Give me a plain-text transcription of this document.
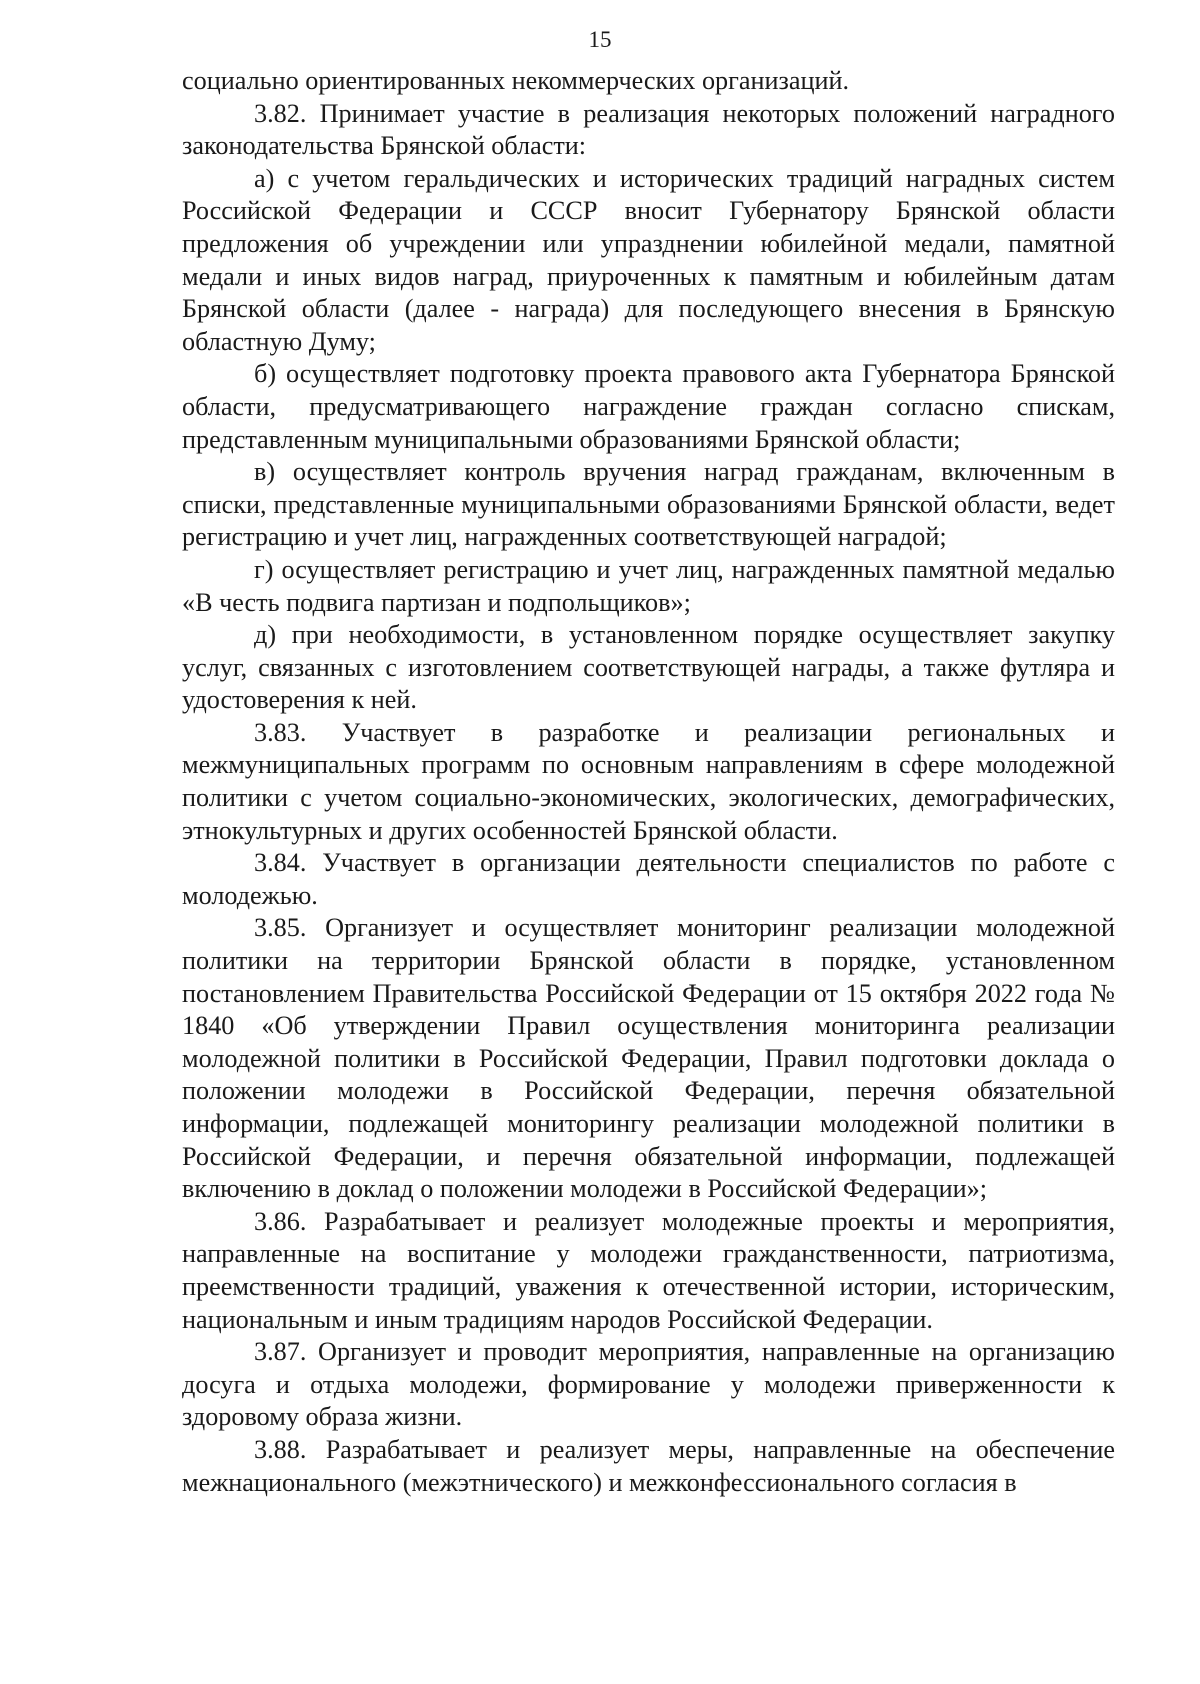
15

социально ориентированных некоммерческих организаций.

3.82. Принимает участие в реализация некоторых положений наградного законодательства Брянской области:

а) с учетом геральдических и исторических традиций наградных систем Российской Федерации и СССР вносит Губернатору Брянской области предложения об учреждении или упразднении юбилейной медали, памятной медали и иных видов наград, приуроченных к памятным и юбилейным датам Брянской области (далее - награда) для последующего внесения в Брянскую областную Думу;

б) осуществляет подготовку проекта правового акта Губернатора Брянской области, предусматривающего награждение граждан согласно спискам, представленным муниципальными образованиями Брянской области;

в) осуществляет контроль вручения наград гражданам, включенным в списки, представленные муниципальными образованиями Брянской области, ведет регистрацию и учет лиц, награжденных соответствующей наградой;

г) осуществляет регистрацию и учет лиц, награжденных памятной медалью «В честь подвига партизан и подпольщиков»;

д) при необходимости, в установленном порядке осуществляет закупку услуг, связанных с изготовлением соответствующей награды, а также футляра и удостоверения к ней.

3.83. Участвует в разработке и реализации региональных и межмуниципальных программ по основным направлениям в сфере молодежной политики с учетом социально-экономических, экологических, демографических, этнокультурных и других особенностей Брянской области.

3.84. Участвует в организации деятельности специалистов по работе с молодежью.

3.85. Организует и осуществляет мониторинг реализации молодежной политики на территории Брянской области в порядке, установленном постановлением Правительства Российской Федерации от 15 октября 2022 года № 1840 «Об утверждении Правил осуществления мониторинга реализации молодежной политики в Российской Федерации, Правил подготовки доклада о положении молодежи в Российской Федерации, перечня обязательной информации, подлежащей мониторингу реализации молодежной политики в Российской Федерации, и перечня обязательной информации, подлежащей включению в доклад о положении молодежи в Российской Федерации»;

3.86. Разрабатывает и реализует молодежные проекты и мероприятия, направленные на воспитание у молодежи гражданственности, патриотизма, преемственности традиций, уважения к отечественной истории, историческим, национальным и иным традициям народов Российской Федерации.

3.87. Организует и проводит мероприятия, направленные на организацию досуга и отдыха молодежи, формирование у молодежи приверженности к здоровому образа жизни.

3.88. Разрабатывает и реализует меры, направленные на обеспечение межнационального (межэтнического) и межконфессионального согласия в
